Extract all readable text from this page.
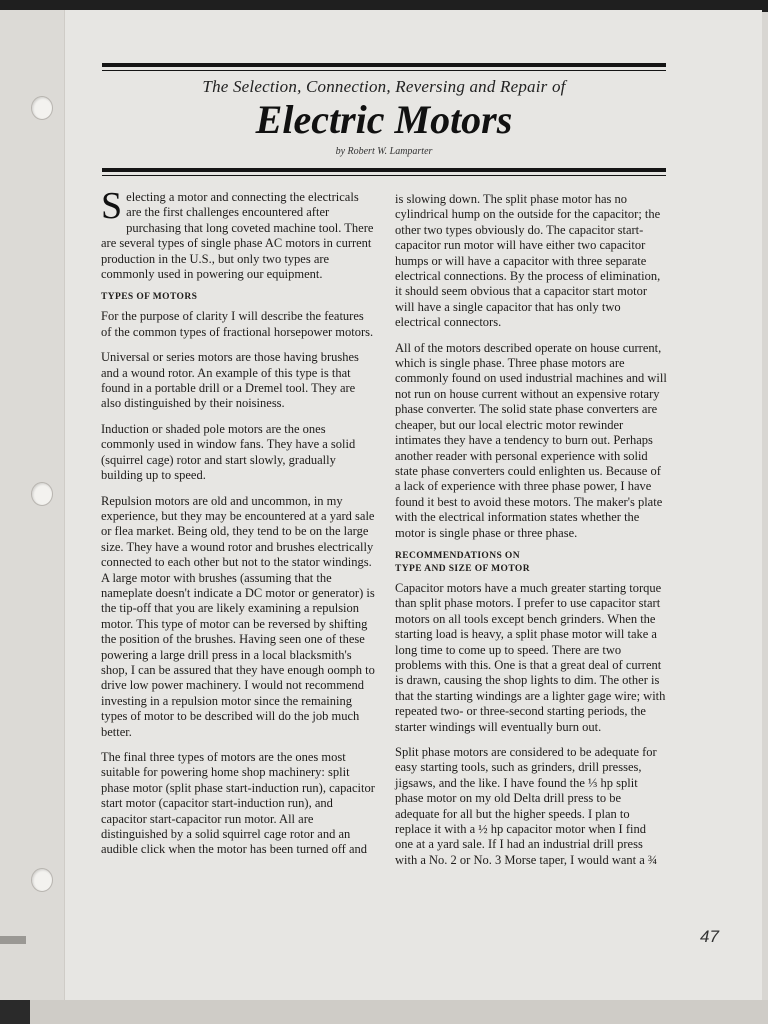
The Selection, Connection, Reversing and Repair of
Electric Motors
by Robert W. Lamparter

Selecting a motor and connecting the electricals are the first challenges encountered after purchasing that long coveted machine tool. There are several types of single phase AC motors in current production in the U.S., but only two types are commonly used in powering our equipment.

TYPES OF MOTORS

For the purpose of clarity I will describe the features of the common types of fractional horsepower motors.

Universal or series motors are those having brushes and a wound rotor. An example of this type is that found in a portable drill or a Dremel tool. They are also distinguished by their noisiness.

Induction or shaded pole motors are the ones commonly used in window fans. They have a solid (squirrel cage) rotor and start slowly, gradually building up to speed.

Repulsion motors are old and uncommon, in my experience, but they may be encountered at a yard sale or flea market. Being old, they tend to be on the large size. They have a wound rotor and brushes electrically connected to each other but not to the stator windings.

A large motor with brushes (assuming that the nameplate doesn't indicate a DC motor or generator) is the tip-off that you are likely examining a repulsion motor. This type of motor can be reversed by shifting the position of the brushes. Having seen one of these powering a large drill press in a local blacksmith's shop, I can be assured that they have enough oomph to drive low power machinery. I would not recommend investing in a repulsion motor since the remaining types of motor to be described will do the job much better.

The final three types of motors are the ones most suitable for powering home shop machinery: split phase motor (split phase start-induction run), capacitor start motor (capacitor start-induction run), and capacitor start-capacitor run motor. All are distinguished by a solid squirrel cage rotor and an audible click when the motor has been turned off and

is slowing down. The split phase motor has no cylindrical hump on the outside for the capacitor; the other two types obviously do. The capacitor start-capacitor run motor will have either two capacitor humps or will have a capacitor with three separate electrical connections. By the process of elimination, it should seem obvious that a capacitor start motor will have a single capacitor that has only two electrical connectors.

All of the motors described operate on house current, which is single phase. Three phase motors are commonly found on used industrial machines and will not run on house current without an expensive rotary phase converter. The solid state phase converters are cheaper, but our local electric motor rewinder intimates they have a tendency to burn out. Perhaps another reader with personal experience with solid state phase converters could enlighten us. Because of a lack of experience with three phase power, I have found it best to avoid these motors. The maker's plate with the electrical information states whether the motor is single phase or three phase.

RECOMMENDATIONS ON
TYPE AND SIZE OF MOTOR

Capacitor motors have a much greater starting torque than split phase motors. I prefer to use capacitor start motors on all tools except bench grinders. When the starting load is heavy, a split phase motor will take a long time to come up to speed. There are two problems with this. One is that a great deal of current is drawn, causing the shop lights to dim. The other is that the starting windings are a lighter gage wire; with repeated two- or three-second starting periods, the starter windings will eventually burn out.

Split phase motors are considered to be adequate for easy starting tools, such as grinders, drill presses, jigsaws, and the like. I have found the ⅓ hp split phase motor on my old Delta drill press to be adequate for all but the higher speeds. I plan to replace it with a ½ hp capacitor motor when I find one at a yard sale. If I had an industrial drill press with a No. 2 or No. 3 Morse taper, I would want a ¾

47
